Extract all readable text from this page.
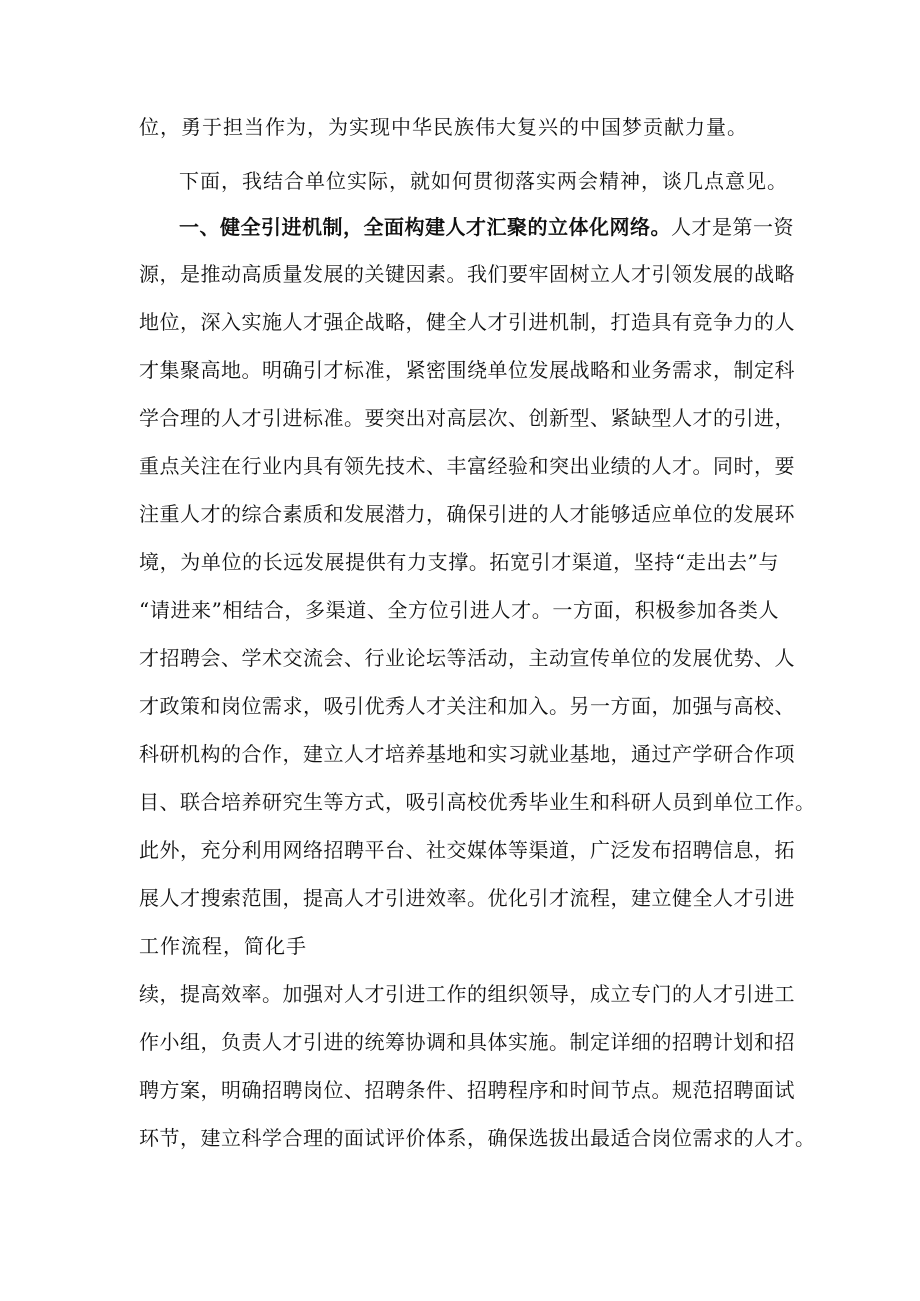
位，勇于担当作为，为实现中华民族伟大复兴的中国梦贡献力量。
下面，我结合单位实际，就如何贯彻落实两会精神，谈几点意见。
一、健全引进机制，全面构建人才汇聚的立体化网络。人才是第一资
源，是推动高质量发展的关键因素。我们要牢固树立人才引领发展的战略
地位，深入实施人才强企战略，健全人才引进机制，打造具有竞争力的人
才集聚高地。明确引才标准，紧密围绕单位发展战略和业务需求，制定科
学合理的人才引进标准。要突出对高层次、创新型、紧缺型人才的引进，
重点关注在行业内具有领先技术、丰富经验和突出业绩的人才。同时，要
注重人才的综合素质和发展潜力，确保引进的人才能够适应单位的发展环
境，为单位的长远发展提供有力支撑。拓宽引才渠道，坚持“走出去”与
“请进来”相结合，多渠道、全方位引进人才。一方面，积极参加各类人
才招聘会、学术交流会、行业论坛等活动，主动宣传单位的发展优势、人
才政策和岗位需求，吸引优秀人才关注和加入。另一方面，加强与高校、
科研机构的合作，建立人才培养基地和实习就业基地，通过产学研合作项
目、联合培养研究生等方式，吸引高校优秀毕业生和科研人员到单位工作。
此外，充分利用网络招聘平台、社交媒体等渠道，广泛发布招聘信息，拓
展人才搜索范围，提高人才引进效率。优化引才流程，建立健全人才引进
工作流程，简化手
续，提高效率。加强对人才引进工作的组织领导，成立专门的人才引进工
作小组，负责人才引进的统筹协调和具体实施。制定详细的招聘计划和招
聘方案，明确招聘岗位、招聘条件、招聘程序和时间节点。规范招聘面试
环节，建立科学合理的面试评价体系，确保选拔出最适合岗位需求的人才。
